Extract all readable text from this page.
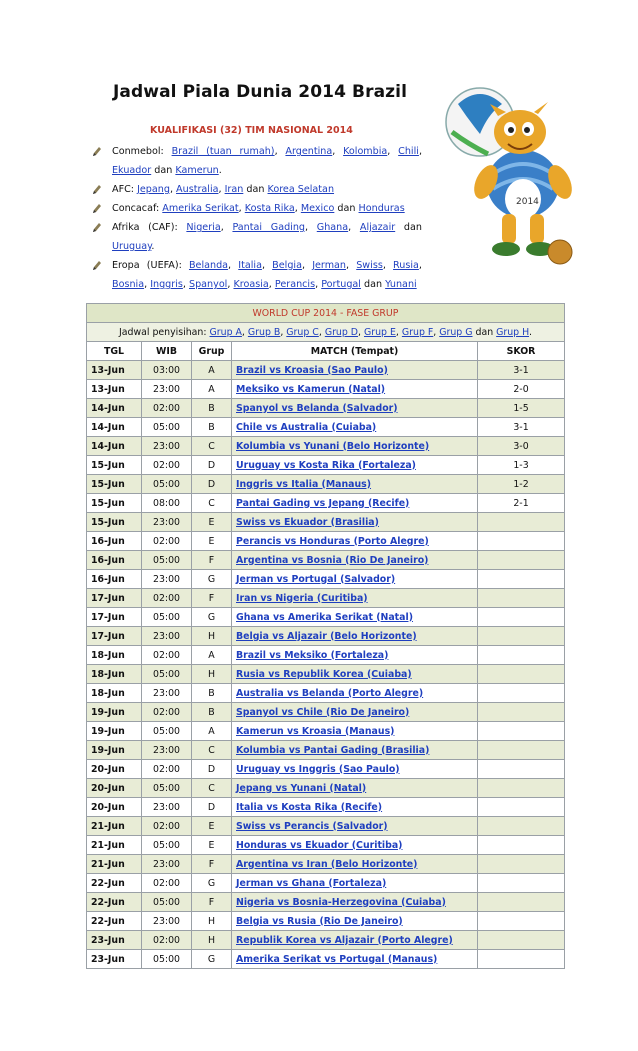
Jadwal Piala Dunia 2014 Brazil
KUALIFIKASI (32) TIM NASIONAL 2014
Conmebol: Brazil (tuan rumah), Argentina, Kolombia, Chili, Ekuador dan Kamerun.
AFC: Jepang, Australia, Iran dan Korea Selatan
Concacaf: Amerika Serikat, Kosta Rika, Mexico dan Honduras
Afrika (CAF): Nigeria, Pantai Gading, Ghana, Aljazair dan Uruguay.
Eropa (UEFA): Belanda, Italia, Belgia, Jerman, Swiss, Rusia, Bosnia, Inggris, Spanyol, Kroasia, Perancis, Portugal dan Yunani
2014
WORLD CUP 2014 - FASE GRUP				
Jadwal penyisihan: Grup A, Grup B, Grup C, Grup D, Grup E, Grup F, Grup G dan Grup H.				
TGL	WIB	Grup	MATCH (Tempat)	SKOR
13-Jun	03:00	A	Brazil vs Kroasia (Sao Paulo)	3-1
13-Jun	23:00	A	Meksiko vs Kamerun (Natal)	2-0
14-Jun	02:00	B	Spanyol vs Belanda (Salvador)	1-5
14-Jun	05:00	B	Chile vs Australia (Cuiaba)	3-1
14-Jun	23:00	C	Kolumbia vs Yunani (Belo Horizonte)	3-0
15-Jun	02:00	D	Uruguay vs Kosta Rika (Fortaleza)	1-3
15-Jun	05:00	D	Inggris vs Italia (Manaus)	1-2
15-Jun	08:00	C	Pantai Gading vs Jepang (Recife)	2-1
15-Jun	23:00	E	Swiss vs Ekuador (Brasilia)	
16-Jun	02:00	E	Perancis vs Honduras (Porto Alegre)	
16-Jun	05:00	F	Argentina vs Bosnia (Rio De Janeiro)	
16-Jun	23:00	G	Jerman vs Portugal (Salvador)	
17-Jun	02:00	F	Iran vs Nigeria (Curitiba)	
17-Jun	05:00	G	Ghana vs Amerika Serikat (Natal)	
17-Jun	23:00	H	Belgia vs Aljazair (Belo Horizonte)	
18-Jun	02:00	A	Brazil vs Meksiko (Fortaleza)	
18-Jun	05:00	H	Rusia vs Republik Korea (Cuiaba)	
18-Jun	23:00	B	Australia vs Belanda (Porto Alegre)	
19-Jun	02:00	B	Spanyol vs Chile (Rio De Janeiro)	
19-Jun	05:00	A	Kamerun vs Kroasia (Manaus)	
19-Jun	23:00	C	Kolumbia vs Pantai Gading (Brasilia)	
20-Jun	02:00	D	Uruguay vs Inggris (Sao Paulo)	
20-Jun	05:00	C	Jepang vs Yunani (Natal)	
20-Jun	23:00	D	Italia vs Kosta Rika (Recife)	
21-Jun	02:00	E	Swiss vs Perancis (Salvador)	
21-Jun	05:00	E	Honduras vs Ekuador (Curitiba)	
21-Jun	23:00	F	Argentina vs Iran (Belo Horizonte)	
22-Jun	02:00	G	Jerman vs Ghana (Fortaleza)	
22-Jun	05:00	F	Nigeria vs Bosnia-Herzegovina (Cuiaba)	
22-Jun	23:00	H	Belgia vs Rusia (Rio De Janeiro)	
23-Jun	02:00	H	Republik Korea vs Aljazair (Porto Alegre)	
23-Jun	05:00	G	Amerika Serikat vs Portugal (Manaus)	
